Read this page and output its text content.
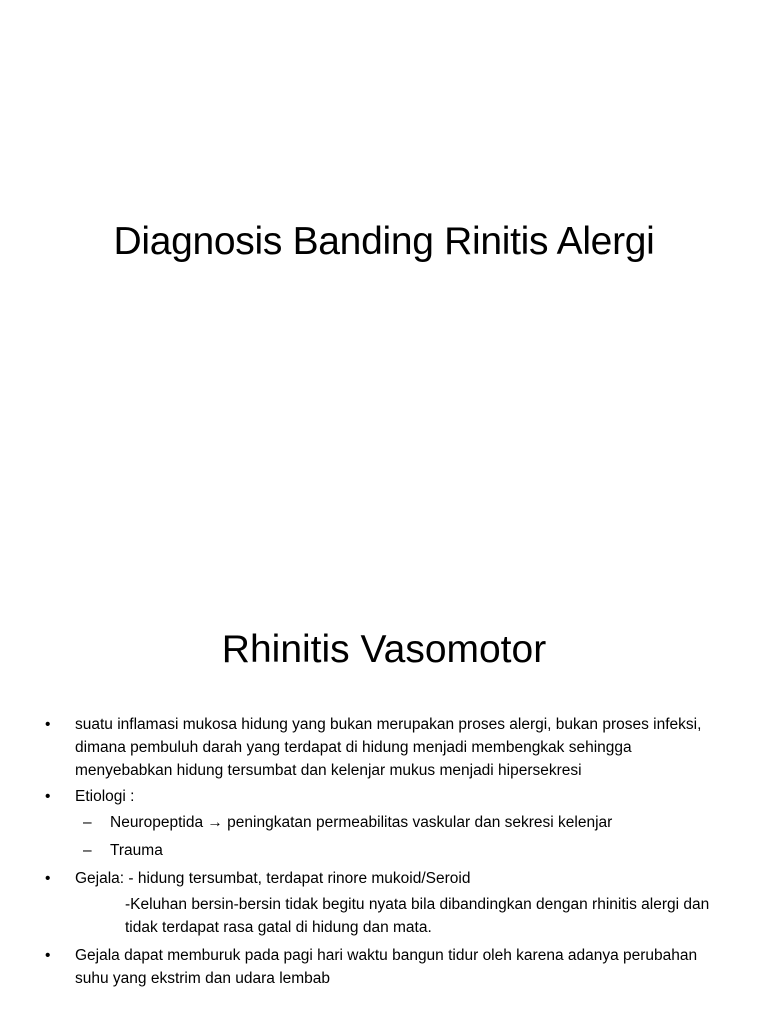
Diagnosis Banding Rinitis Alergi
Rhinitis Vasomotor
• suatu inflamasi mukosa hidung yang bukan merupakan proses alergi, bukan proses infeksi, dimana pembuluh darah yang terdapat di hidung menjadi membengkak sehingga menyebabkan hidung tersumbat dan kelenjar mukus menjadi hipersekresi
• Etiologi :
– Neuropeptida → peningkatan permeabilitas vaskular dan sekresi kelenjar
– Trauma
• Gejala: - hidung tersumbat, terdapat rinore mukoid/Seroid
-Keluhan bersin-bersin tidak begitu nyata bila dibandingkan dengan rhinitis alergi dan tidak terdapat rasa gatal di hidung dan mata.
• Gejala dapat memburuk pada pagi hari waktu bangun tidur oleh karena adanya perubahan suhu yang ekstrim dan udara lembab
